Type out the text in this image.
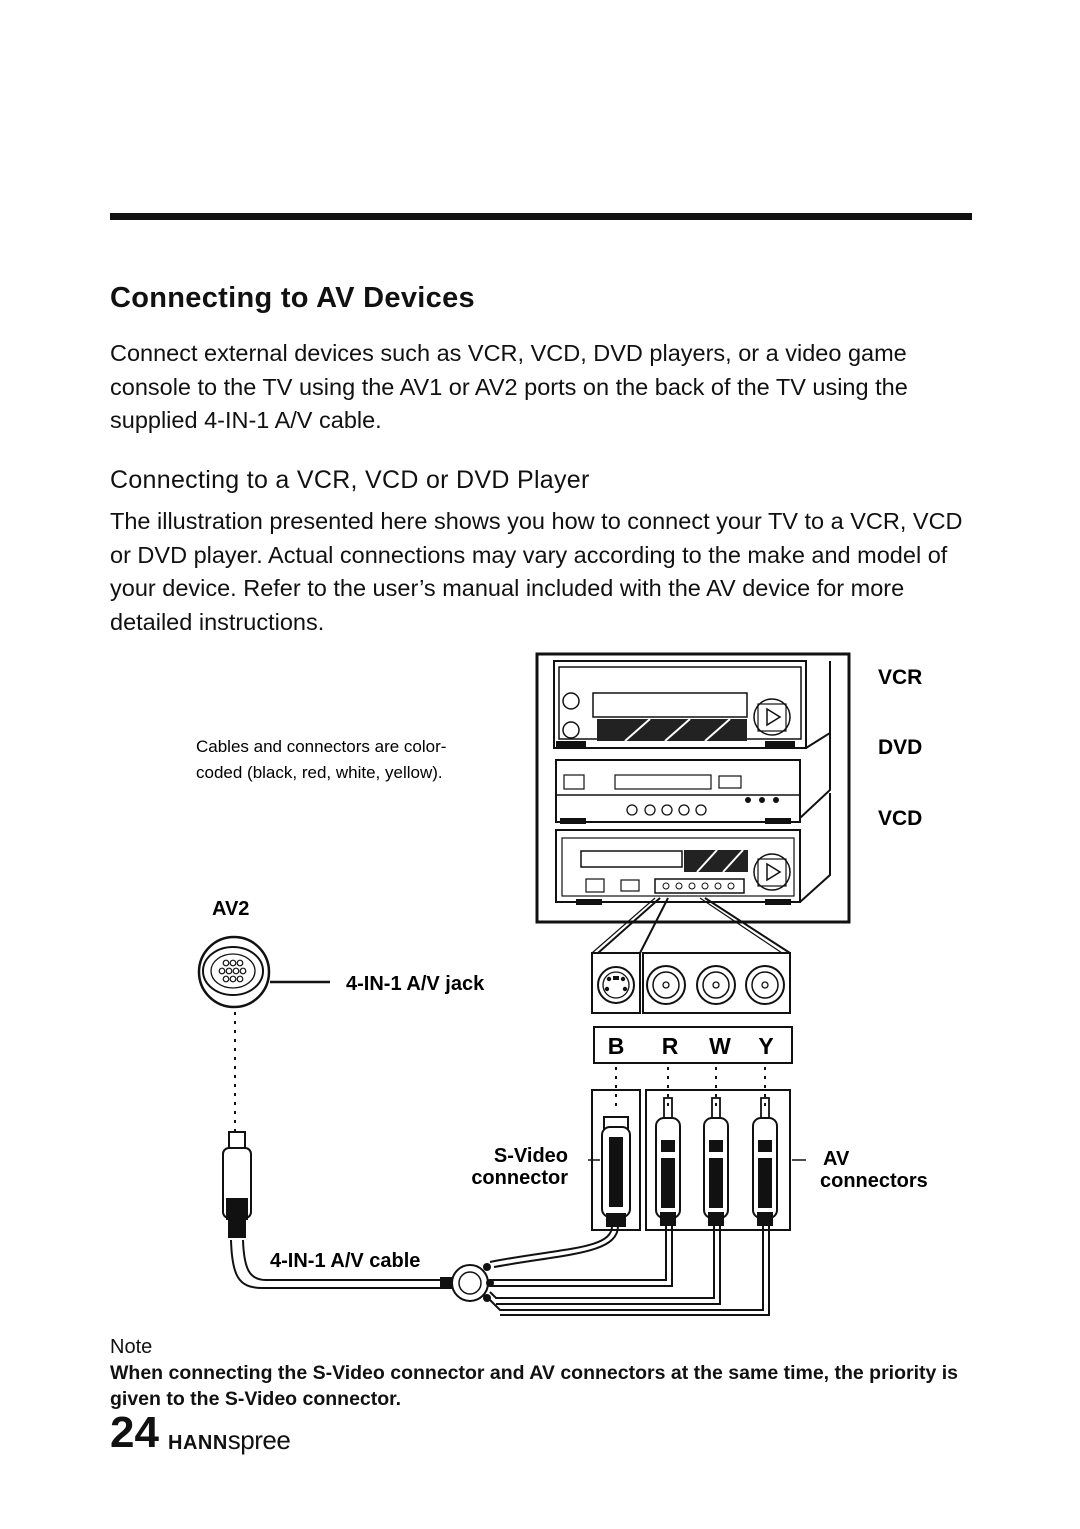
Connecting to AV Devices
Connect external devices such as VCR, VCD, DVD players, or a video game console to the TV using the AV1 or AV2 ports on the back of the TV using the supplied 4-IN-1 A/V cable.
Connecting to a VCR, VCD or DVD Player
The illustration presented here shows you how to connect your TV to a VCR, VCD or DVD player. Actual connections may vary according to the make and model of your device. Refer to the user’s manual included with the AV device for more detailed instructions.
Cables and connectors are color-
coded (black, red, white, yellow).
VCR
DVD
VCD
B R W Y
AV2
4-IN-1 A/V jack
S-Video
connector
AV
connectors
4-IN-1 A/V cable
Note
When connecting the S-Video connector and AV connectors at the same time, the priority is given to the S-Video connector.
24 HANNspree
